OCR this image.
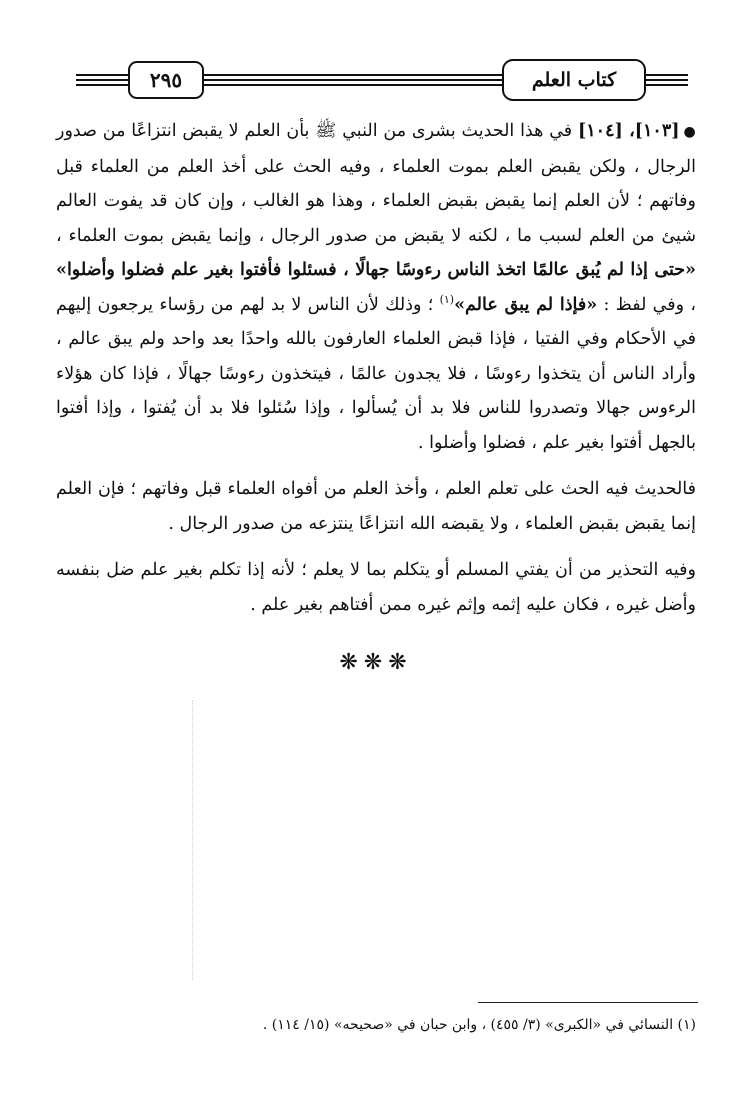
٢٩٥	كتاب العلم

●[١٠٣]، [١٠٤] في هذا الحديث بشرى من النبي ﷺ بأن العلم لا يقبض انتزاعًا من صدور الرجال ، ولكن يقبض العلم بموت العلماء ، وفيه الحث على أخذ العلم من العلماء قبل وفاتهم ؛ لأن العلم إنما يقبض بقبض العلماء ، وهذا هو الغالب ، وإن كان قد يفوت العالم شيئ من العلم لسبب ما ، لكنه لا يقبض من صدور الرجال ، وإنما يقبض بموت العلماء ، «حتى إذا لم يُبق عالمًا اتخذ الناس رءوسًا جهالًا ، فسئلوا فأفتوا بغير علم فضلوا وأضلوا» ، وفي لفظ : «فإذا لم يبق عالم»$^{(١)}$ ؛ وذلك لأن الناس لا بد لهم من رؤساء يرجعون إليهم في الأحكام وفي الفتيا ، فإذا قبض العلماء العارفون بالله واحدًا بعد واحد ولم يبق عالم ، وأراد الناس أن يتخذوا رءوسًا ، فلا يجدون عالمًا ، فيتخذون رءوسًا جهالًا ، فإذا كان هؤلاء الرءوس جهالا وتصدروا للناس فلا بد أن يُسألوا ، وإذا سُئلوا فلا بد أن يُفتوا ، وإذا أفتوا بالجهل أفتوا بغير علم ، فضلوا وأضلوا .

فالحديث فيه الحث على تعلم العلم ، وأخذ العلم من أفواه العلماء قبل وفاتهم ؛ فإن العلم إنما يقبض بقبض العلماء ، ولا يقبضه الله انتزاعًا ينتزعه من صدور الرجال .

وفيه التحذير من أن يفتي المسلم أو يتكلم بما لا يعلم ؛ لأنه إذا تكلم بغير علم ضل بنفسه وأضل غيره ، فكان عليه إثمه وإثم غيره ممن أفتاهم بغير علم .

❋❋❋
(١) النسائي في «الكبرى» (٣/ ٤٥٥) ، وابن حبان في «صحيحه» (١٥/ ١١٤) .
